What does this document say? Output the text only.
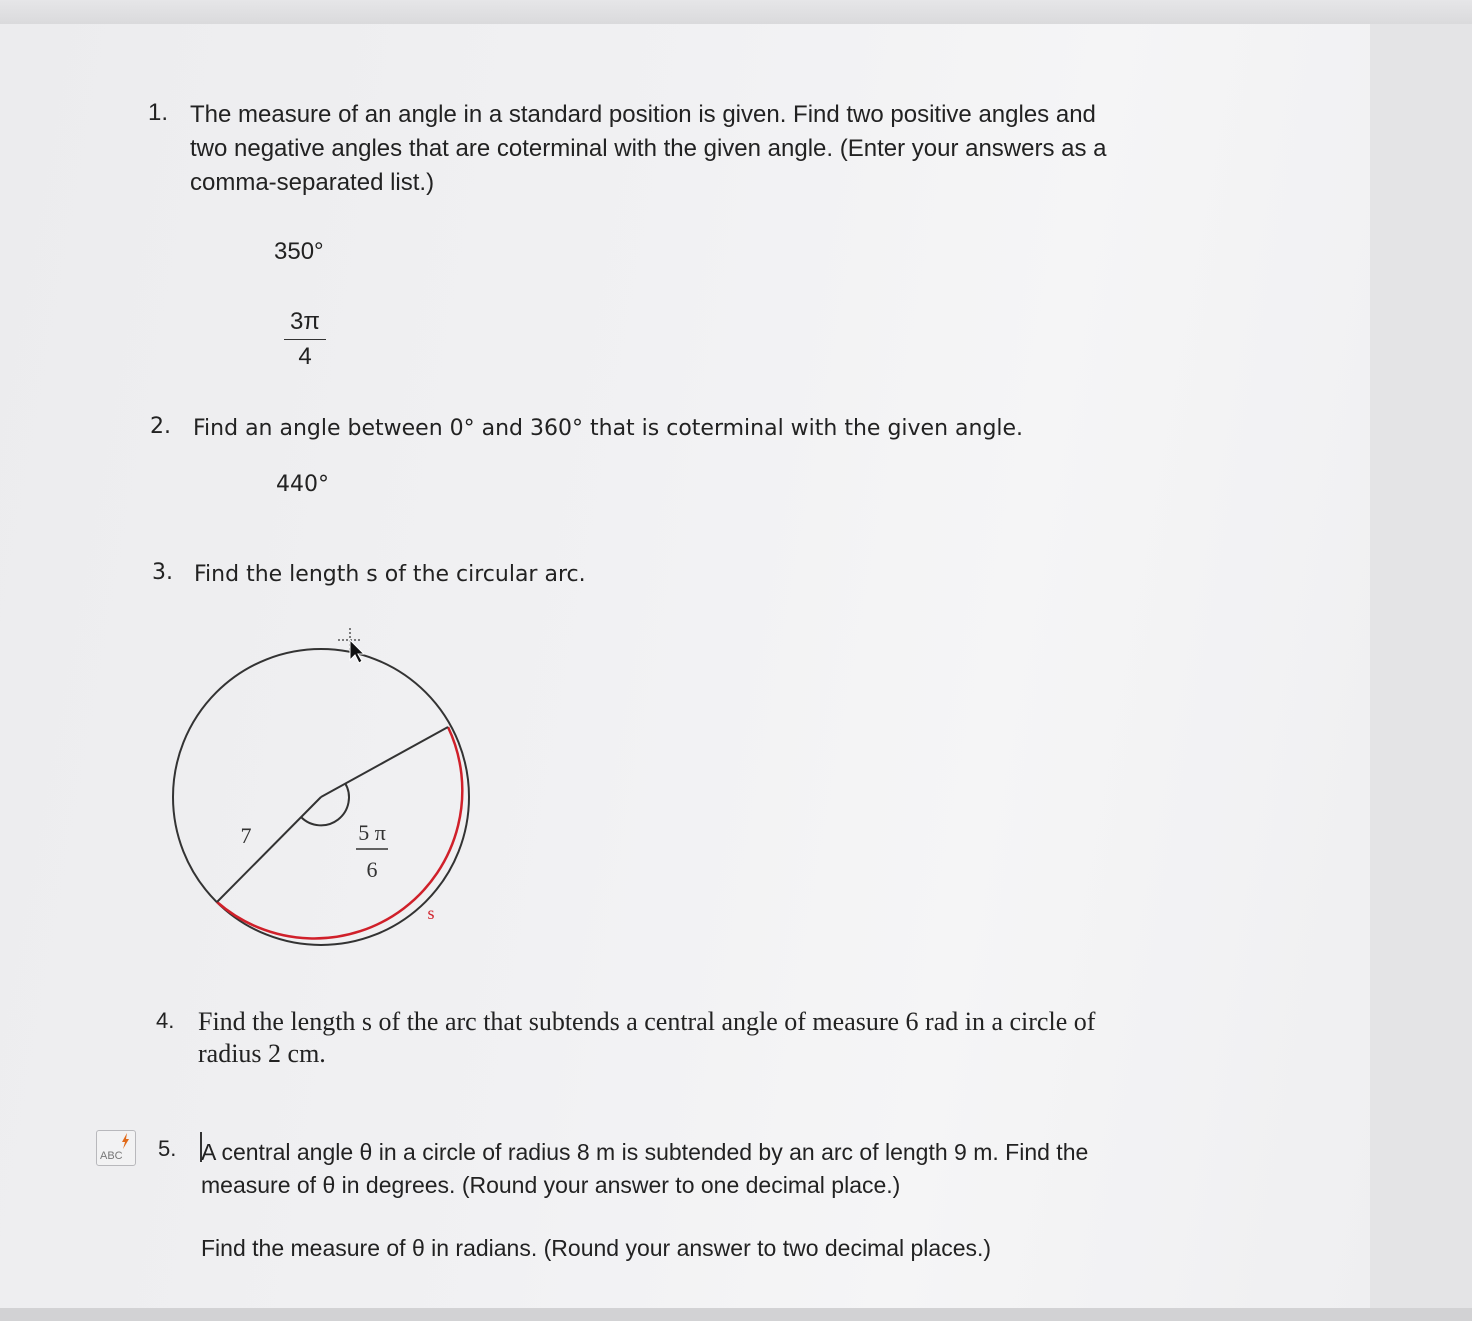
1. The measure of an angle in a standard position is given. Find two positive angles and
two negative angles that are coterminal with the given angle. (Enter your answers as a
comma-separated list.)
350°
3π
4
2. Find an angle between 0° and 360° that is coterminal with the given angle.
440°
3. Find the length s of the circular arc.
7	5 π
6
s
4. Find the length s of the arc that subtends a central angle of measure 6 rad in a circle of
radius 2 cm.
ABC 5. A central angle θ in a circle of radius 8 m is subtended by an arc of length 9 m. Find the
measure of θ in degrees. (Round your answer to one decimal place.)
Find the measure of θ in radians. (Round your answer to two decimal places.)
